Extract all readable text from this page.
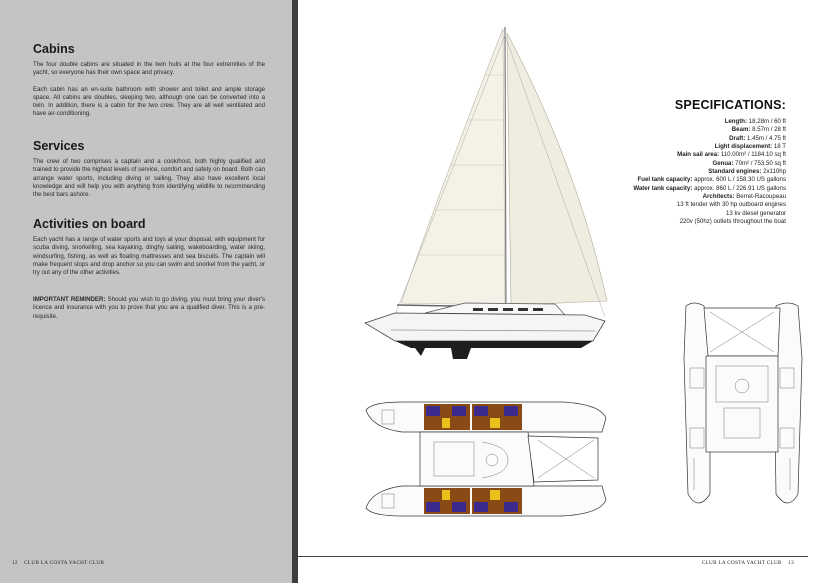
Cabins

The four double cabins are situated in the twin hulls at the four extremities of the yacht, so everyone has their own space and privacy.

Each cabin has an en-suite bathroom with shower and toilet and ample storage space. All cabins are doubles, sleeping two, although one can be converted into a twin. In addition, there is a cabin for the two crew. They are all well ventilated and have air-conditioning.

Services

The crew of two comprises a captain and a cook/host, both highly qualified and trained to provide the highest levels of service, comfort and safety on board. Both can arrange water sports, including diving or sailing. They also have excellent local knowledge and will help you with anything from identifying wildlife to recommending the best bars ashore.

Activities on board

Each yacht has a range of water sports and toys at your disposal, with equipment for scuba diving, snorkelling, sea kayaking, dinghy sailing, wakeboarding, water skiing, windsurfing, fishing, as well as floating mattresses and sea biscuits. The captain will make frequent stops and drop anchor so you can swim and snorkel from the yacht, or try out any of the other activities.

IMPORTANT REMINDER: Should you wish to go diving, you must bring your diver's licence and insurance with you to prove that you are a qualified diver. This is a pre-requisite.

SPECIFICATIONS:
Length: 18.28m / 60 ft
Beam: 8.57m / 28 ft
Draft: 1.45m / 4.75 ft
Light displacement: 18 T
Main sail area: 110.00m² / 1184.10 sq ft
Genua: 70m² / 753.50 sq ft
Standard engines: 2x110hp
Fuel tank capacity: approx. 600 L / 158.30 US gallons
Water tank capacity: approx. 860 L / 226.91 US gallons
Architects: Berret-Racoupeau
13 ft tender with 30 hp outboard engines
13 kv diesel generator
220v (50hz) outlets throughout the boat
12    CLUB LA COSTA YACHT CLUB	CLUB LA COSTA YACHT CLUB    13
